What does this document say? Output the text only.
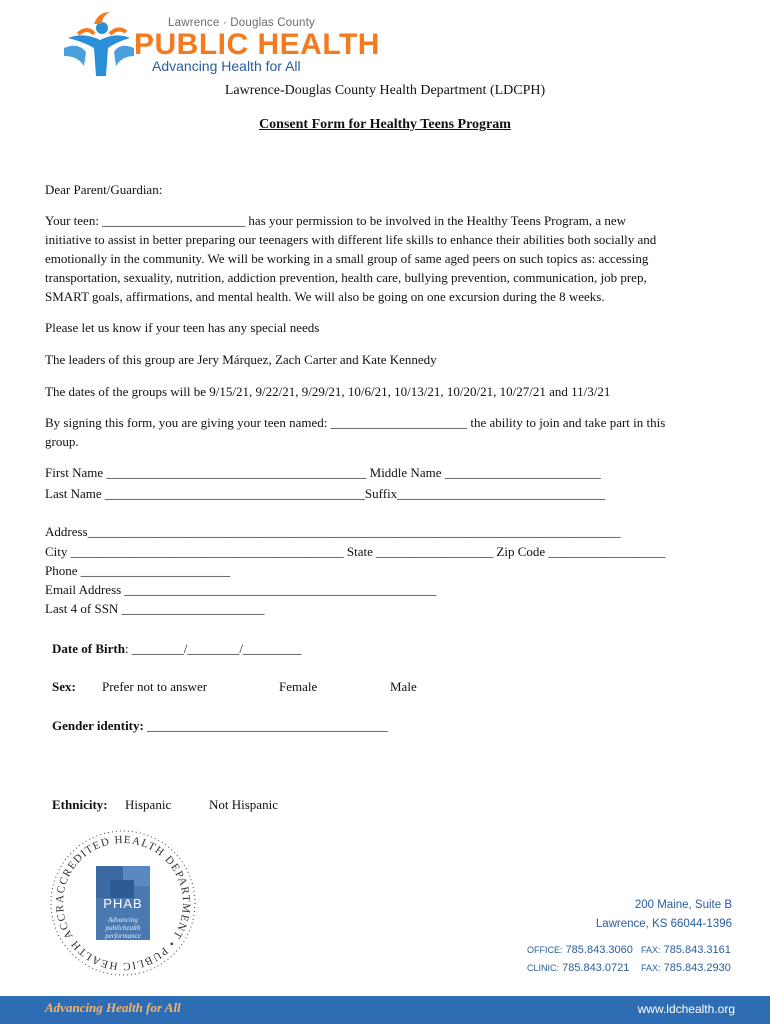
Lawrence · Douglas County
PUBLIC HEALTH
Advancing Health for All
Lawrence-Douglas County Health Department (LDCPH)
Consent Form for Healthy Teens Program
Dear Parent/Guardian:
Your teen: ______________________ has your permission to be involved in the Healthy Teens Program, a new
initiative to assist in better preparing our teenagers with different life skills to enhance their abilities both socially and
emotionally in the community. We will be working in a small group of same aged peers on such topics as: accessing
transportation, sexuality, nutrition, addiction prevention, health care, bullying prevention, communication, job prep,
SMART goals, affirmations, and mental health. We will also be going on one excursion during the 8 weeks.
Please let us know if your teen has any special needs
The leaders of this group are Jery Márquez, Zach Carter and Kate Kennedy
The dates of the groups will be 9/15/21, 9/22/21, 9/29/21, 10/6/21, 10/13/21, 10/20/21, 10/27/21 and 11/3/21
By signing this form, you are giving your teen named: _____________________ the ability to join and take part in this
group.
First Name ________________________________________ Middle Name ________________________
Last Name ________________________________________Suffix________________________________
Address__________________________________________________________________________________
City __________________________________________ State __________________ Zip Code __________________
Phone _______________________
Email Address ________________________________________________
Last 4 of SSN ______________________
Date of Birth: ________/________/_________
Sex: Prefer not to answer	Female	Male
Gender identity: _____________________________________
Ethnicity: Hispanic	Not Hispanic
ACCREDITED HEALTH DEPARTMENT • PUBLIC HEALTH ACCR	PHAB
Advancing
publichealth
performance
200 Maine, Suite B
Lawrence, KS 66044-1396
OFFICE: 785.843.3060 FAX: 785.843.3161
CLINIC: 785.843.0721 FAX: 785.843.2930
Advancing Health for All	www.ldchealth.org
